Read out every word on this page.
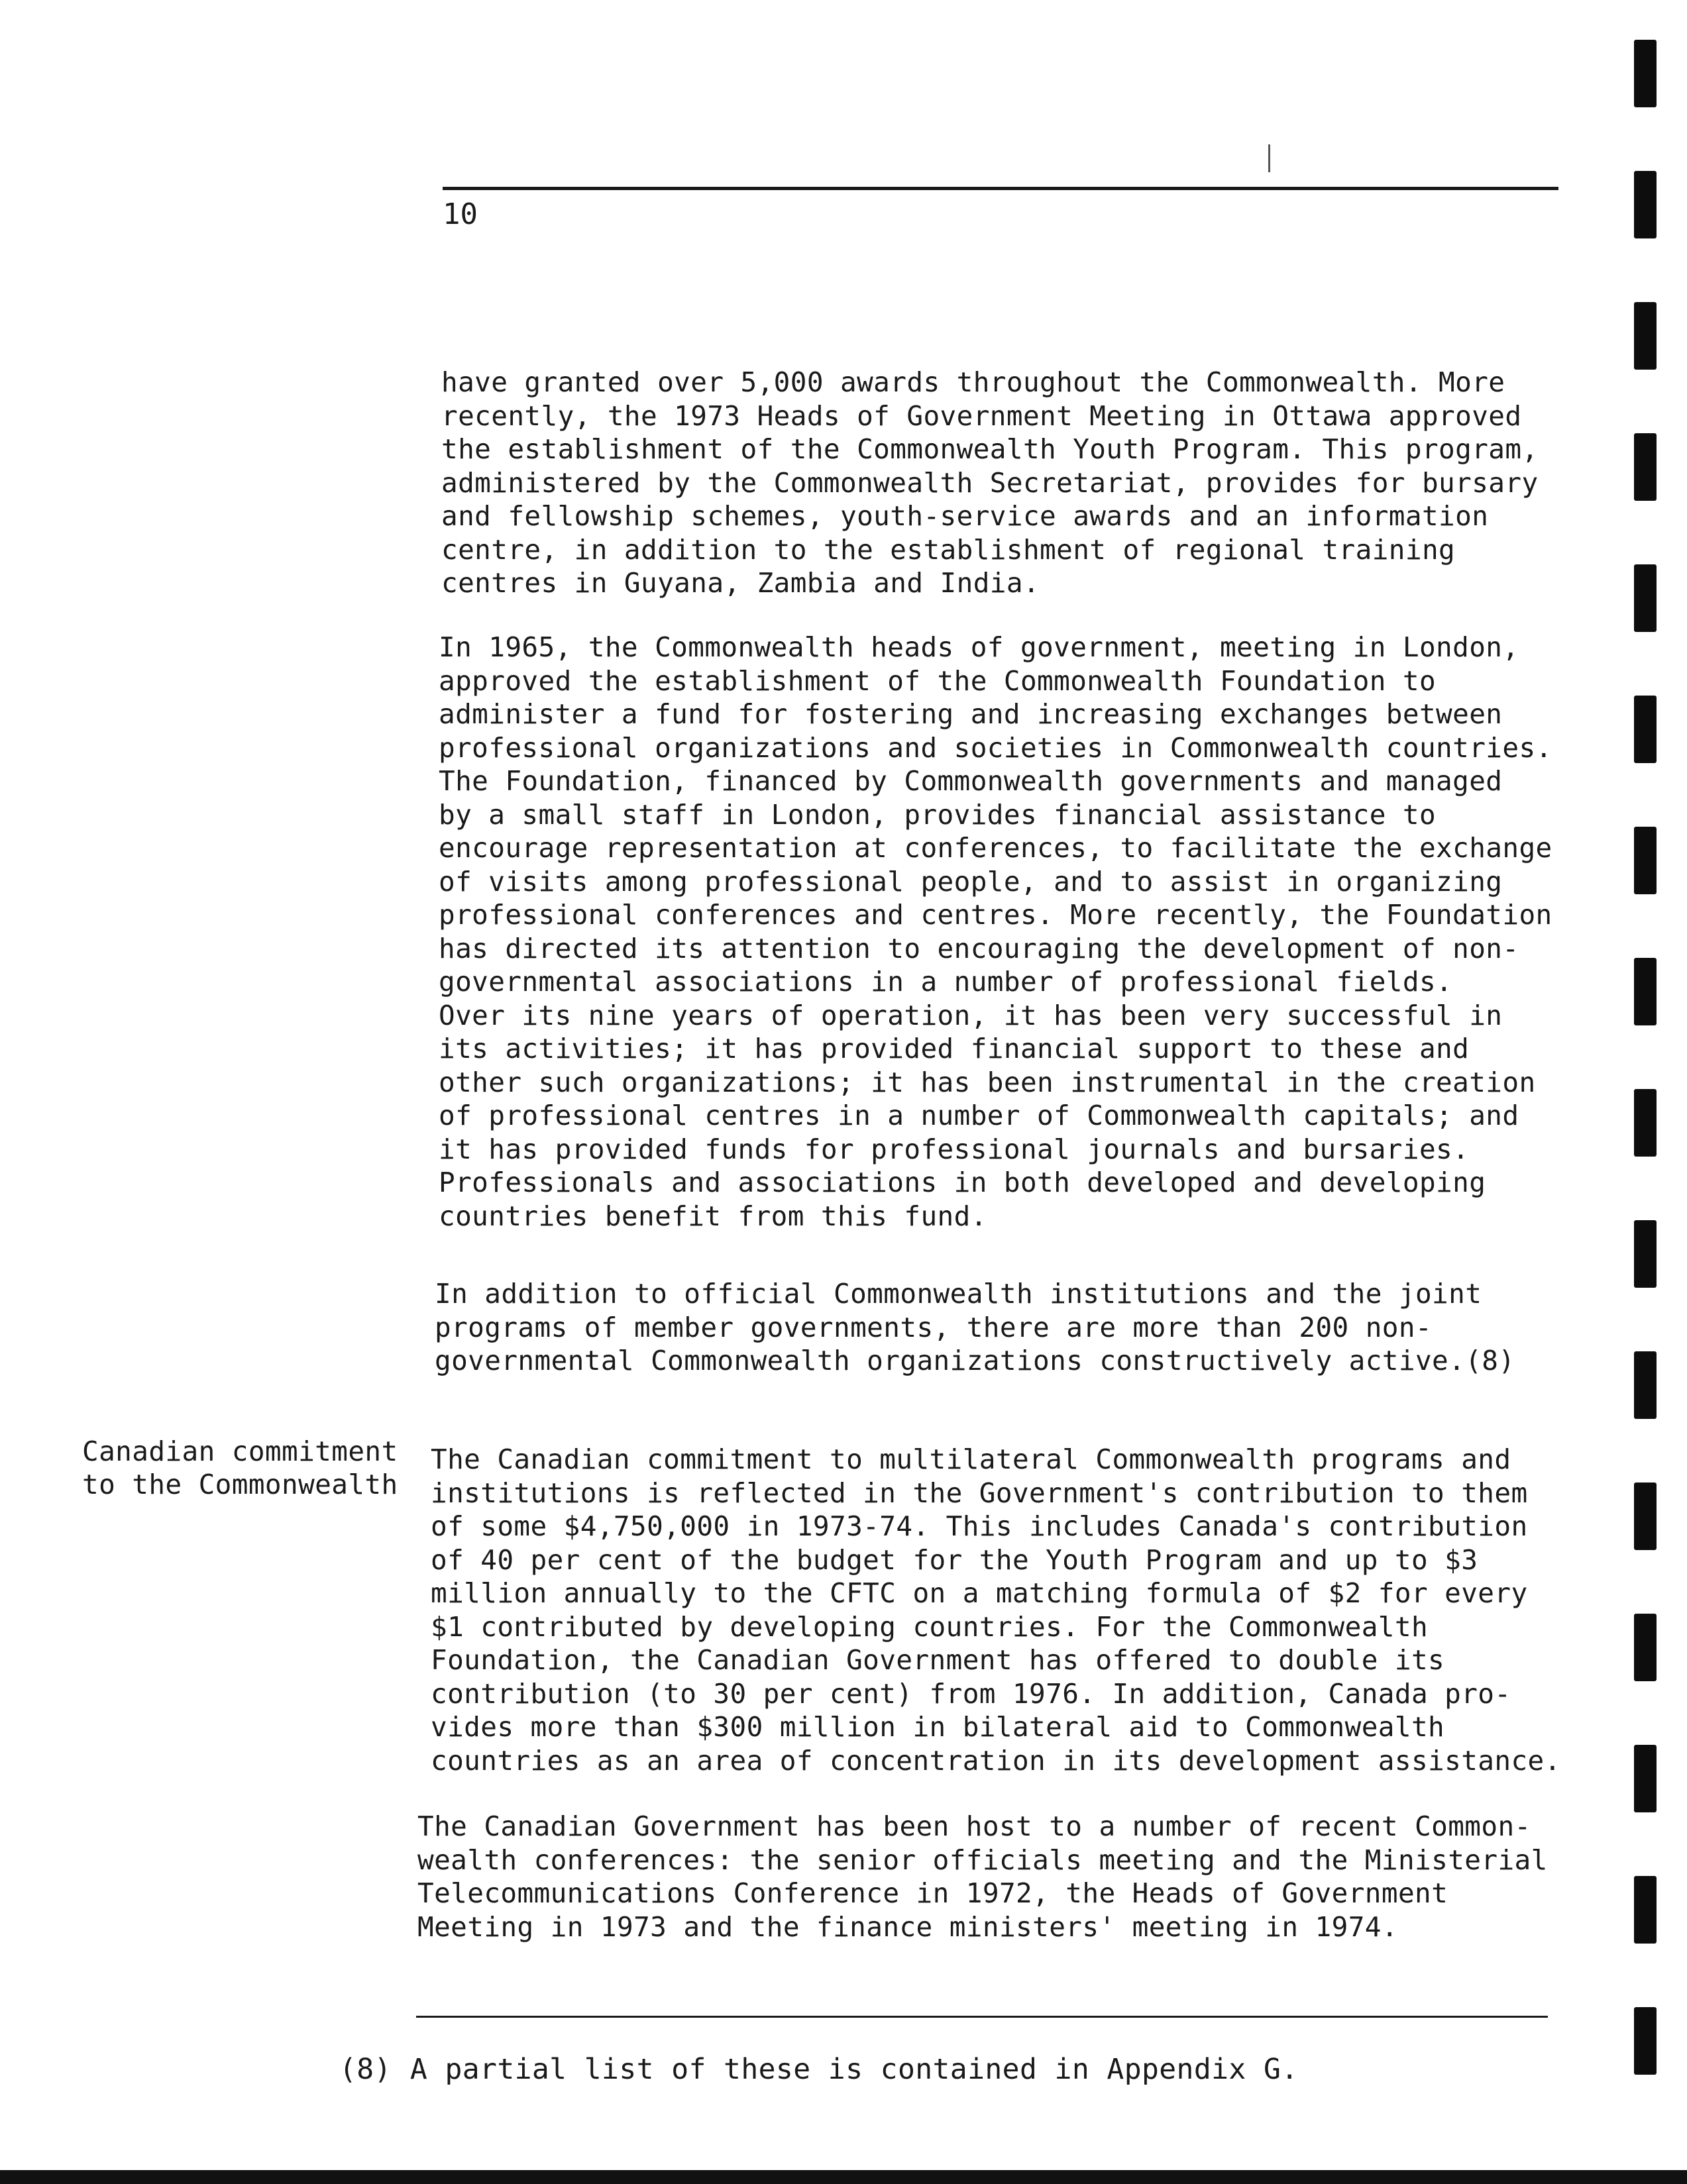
10
have granted over 5,000 awards throughout the Commonwealth. More
recently, the 1973 Heads of Government Meeting in Ottawa approved
the establishment of the Commonwealth Youth Program. This program,
administered by the Commonwealth Secretariat, provides for bursary
and fellowship schemes, youth-service awards and an information
centre, in addition to the establishment of regional training
centres in Guyana, Zambia and India.
In 1965, the Commonwealth heads of government, meeting in London,
approved the establishment of the Commonwealth Foundation to
administer a fund for fostering and increasing exchanges between
professional organizations and societies in Commonwealth countries.
The Foundation, financed by Commonwealth governments and managed
by a small staff in London, provides financial assistance to
encourage representation at conferences, to facilitate the exchange
of visits among professional people, and to assist in organizing
professional conferences and centres. More recently, the Foundation
has directed its attention to encouraging the development of non-
governmental associations in a number of professional fields.
Over its nine years of operation, it has been very successful in
its activities; it has provided financial support to these and
other such organizations; it has been instrumental in the creation
of professional centres in a number of Commonwealth capitals; and
it has provided funds for professional journals and bursaries.
Professionals and associations in both developed and developing
countries benefit from this fund.
In addition to official Commonwealth institutions and the joint
programs of member governments, there are more than 200 non-
governmental Commonwealth organizations constructively active.(8)
Canadian commitment
to the Commonwealth
The Canadian commitment to multilateral Commonwealth programs and
institutions is reflected in the Government's contribution to them
of some $4,750,000 in 1973-74. This includes Canada's contribution
of 40 per cent of the budget for the Youth Program and up to $3
million annually to the CFTC on a matching formula of $2 for every
$1 contributed by developing countries. For the Commonwealth
Foundation, the Canadian Government has offered to double its
contribution (to 30 per cent) from 1976. In addition, Canada pro-
vides more than $300 million in bilateral aid to Commonwealth
countries as an area of concentration in its development assistance.
The Canadian Government has been host to a number of recent Common-
wealth conferences: the senior officials meeting and the Ministerial
Telecommunications Conference in 1972, the Heads of Government
Meeting in 1973 and the finance ministers' meeting in 1974.
(8) A partial list of these is contained in Appendix G.
